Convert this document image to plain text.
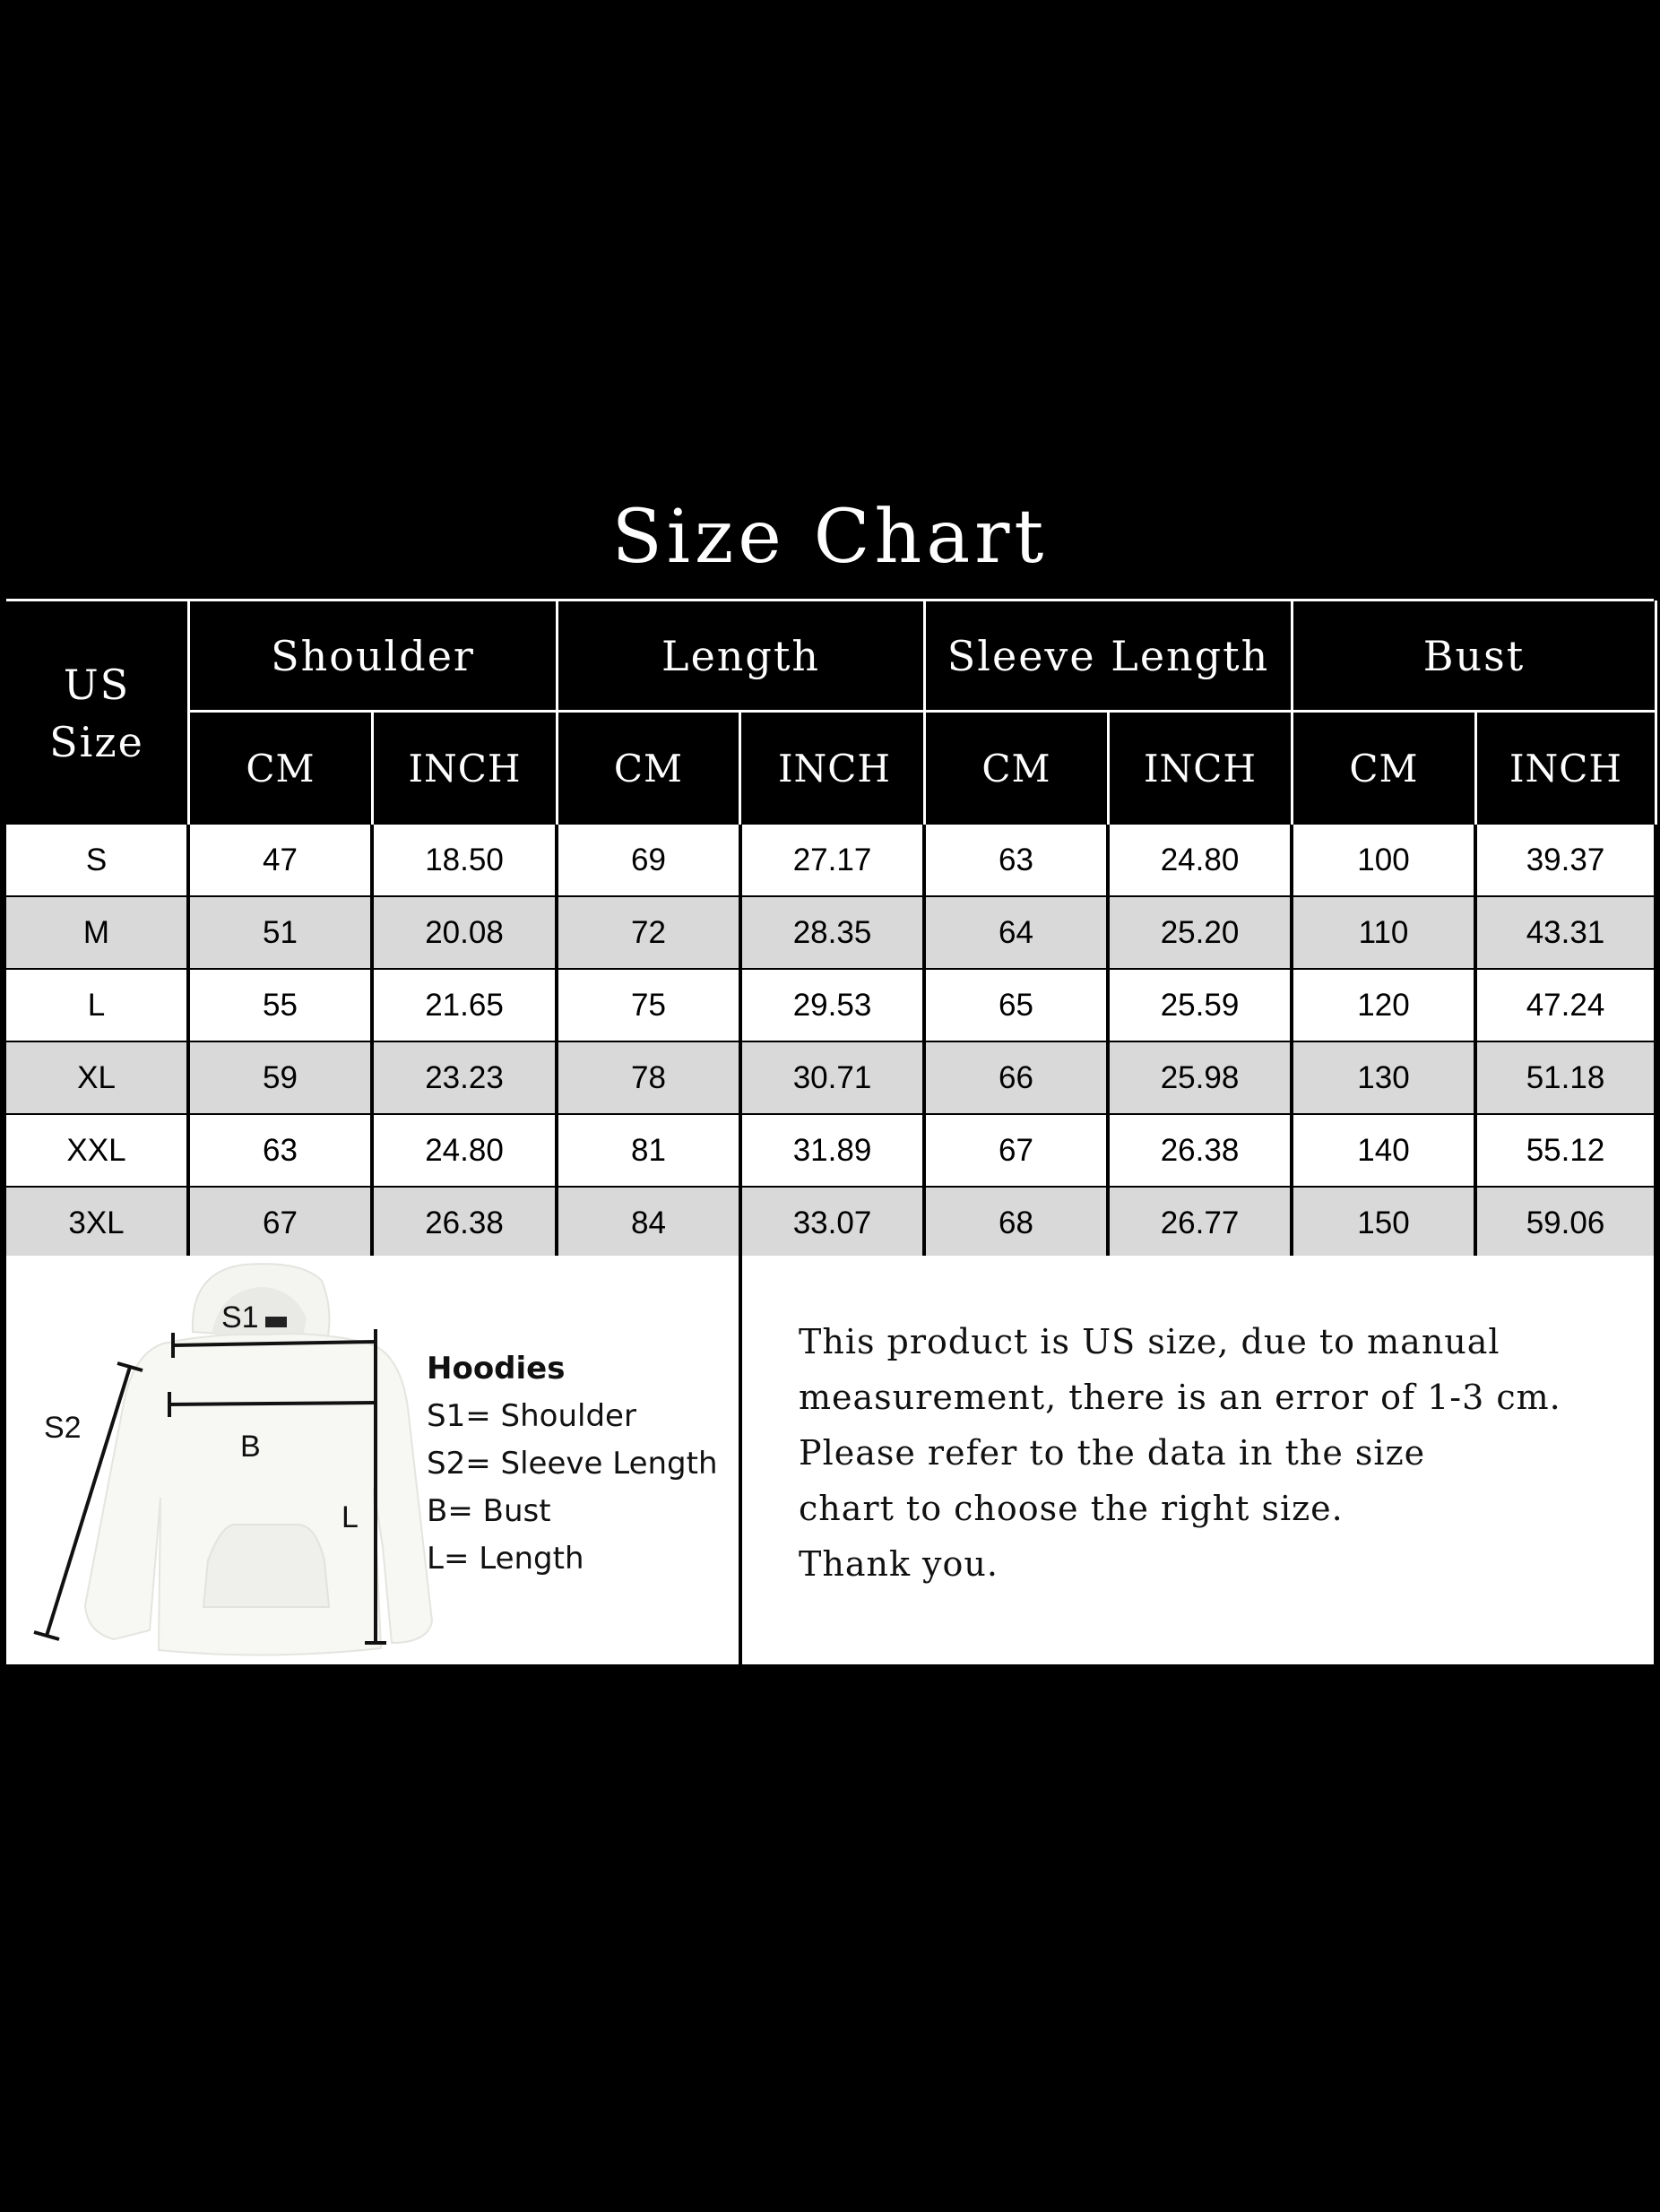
Size Chart
US
Size
Shoulder	Length	Sleeve Length	Bust
CM	INCH	CM	INCH	CM	INCH	CM	INCH
S	47	18.50	69	27.17	63	24.80	100	39.37
M	51	20.08	72	28.35	64	25.20	110	43.31
L	55	21.65	75	29.53	65	25.59	120	47.24
XL	59	23.23	78	30.71	66	25.98	130	51.18
XXL	63	24.80	81	31.89	67	26.38	140	55.12
3XL	67	26.38	84	33.07	68	26.77	150	59.06
S1
B
L
S2
Hoodies
S1= Shoulder
S2= Sleeve Length
B= Bust
L= Length
This product is US size, due to manual
measurement, there is an error of 1-3 cm.
Please refer to the data in the size
chart to choose the right size.
Thank you.
